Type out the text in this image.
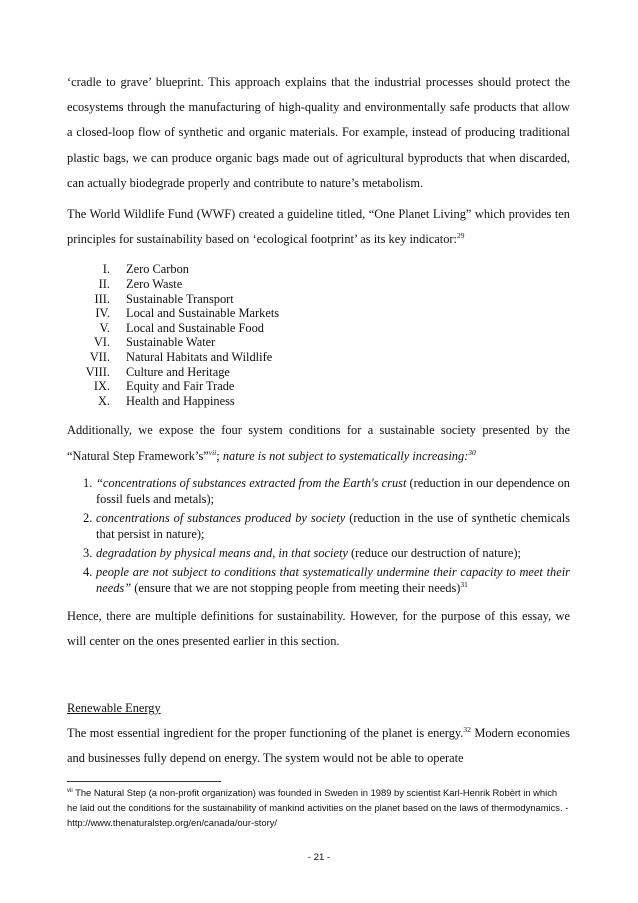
‘cradle to grave’ blueprint. This approach explains that the industrial processes should protect the ecosystems through the manufacturing of high-quality and environmentally safe products that allow a closed-loop flow of synthetic and organic materials. For example, instead of producing traditional plastic bags, we can produce organic bags made out of agricultural byproducts that when discarded, can actually biodegrade properly and contribute to nature’s metabolism.

The World Wildlife Fund (WWF) created a guideline titled, “One Planet Living” which provides ten principles for sustainability based on ‘ecological footprint’ as its key indicator:$^{29}$

I.	Zero Carbon
II.	Zero Waste
III.	Sustainable Transport
IV.	Local and Sustainable Markets
V.	Local and Sustainable Food
VI.	Sustainable Water
VII.	Natural Habitats and Wildlife
VIII.	Culture and Heritage
IX.	Equity and Fair Trade
X.	Health and Happiness

Additionally, we expose the four system conditions for a sustainable society presented by the “Natural Step Framework’s”$^{vii}$; nature is not subject to systematically increasing:$^{30}$

1. “concentrations of substances extracted from the Earth's crust (reduction in our dependence on fossil fuels and metals);
2. concentrations of substances produced by society (reduction in the use of synthetic chemicals that persist in nature);
3. degradation by physical means and, in that society (reduce our destruction of nature);
4. people are not subject to conditions that systematically undermine their capacity to meet their needs” (ensure that we are not stopping people from meeting their needs)$^{31}$

Hence, there are multiple definitions for sustainability. However, for the purpose of this essay, we will center on the ones presented earlier in this section.

Renewable Energy

The most essential ingredient for the proper functioning of the planet is energy.$^{32}$ Modern economies and businesses fully depend on energy. The system would not be able to operate

$^{vii}$ The Natural Step (a non-profit organization) was founded in Sweden in 1989 by scientist Karl-Henrik Robèrt in which he laid out the conditions for the sustainability of mankind activities on the planet based on the laws of thermodynamics. - http://www.thenaturalstep.org/en/canada/our-story/
- 21 -
